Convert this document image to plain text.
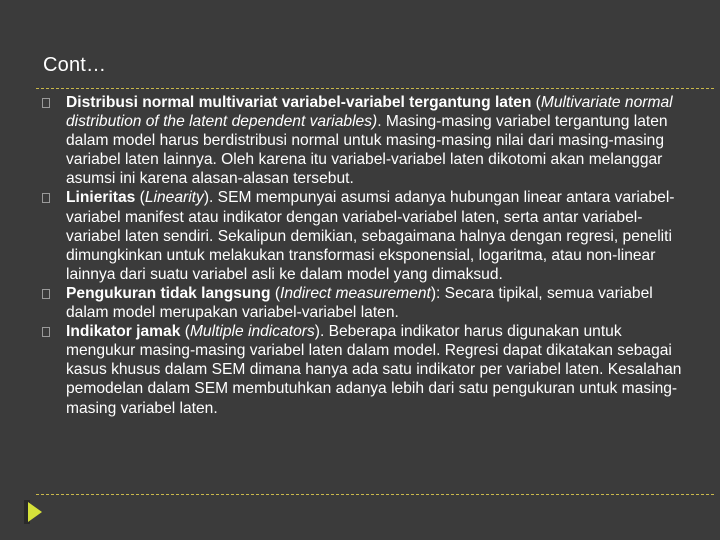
Cont…
Distribusi normal multivariat variabel-variabel tergantung laten (Multivariate normal distribution of the latent dependent variables). Masing-masing variabel tergantung laten dalam model harus berdistribusi normal untuk masing-masing nilai dari masing-masing variabel laten lainnya. Oleh karena itu variabel-variabel laten dikotomi akan melanggar asumsi ini karena alasan-alasan tersebut.
Linieritas (Linearity). SEM mempunyai asumsi adanya hubungan linear antara variabel-variabel manifest atau indikator dengan variabel-variabel laten, serta antar variabel-variabel laten sendiri. Sekalipun demikian, sebagaimana halnya dengan regresi, peneliti dimungkinkan untuk melakukan transformasi eksponensial, logaritma, atau non-linear lainnya dari suatu variabel asli ke dalam model yang dimaksud.
Pengukuran tidak langsung (Indirect measurement): Secara tipikal, semua variabel dalam model merupakan variabel-variabel laten.
Indikator jamak (Multiple indicators). Beberapa indikator harus digunakan untuk mengukur masing-masing variabel laten dalam model. Regresi dapat dikatakan sebagai kasus khusus dalam SEM dimana hanya ada satu indikator per variabel laten. Kesalahan pemodelan dalam SEM membutuhkan adanya lebih dari satu pengukuran untuk masing-masing variabel laten.
